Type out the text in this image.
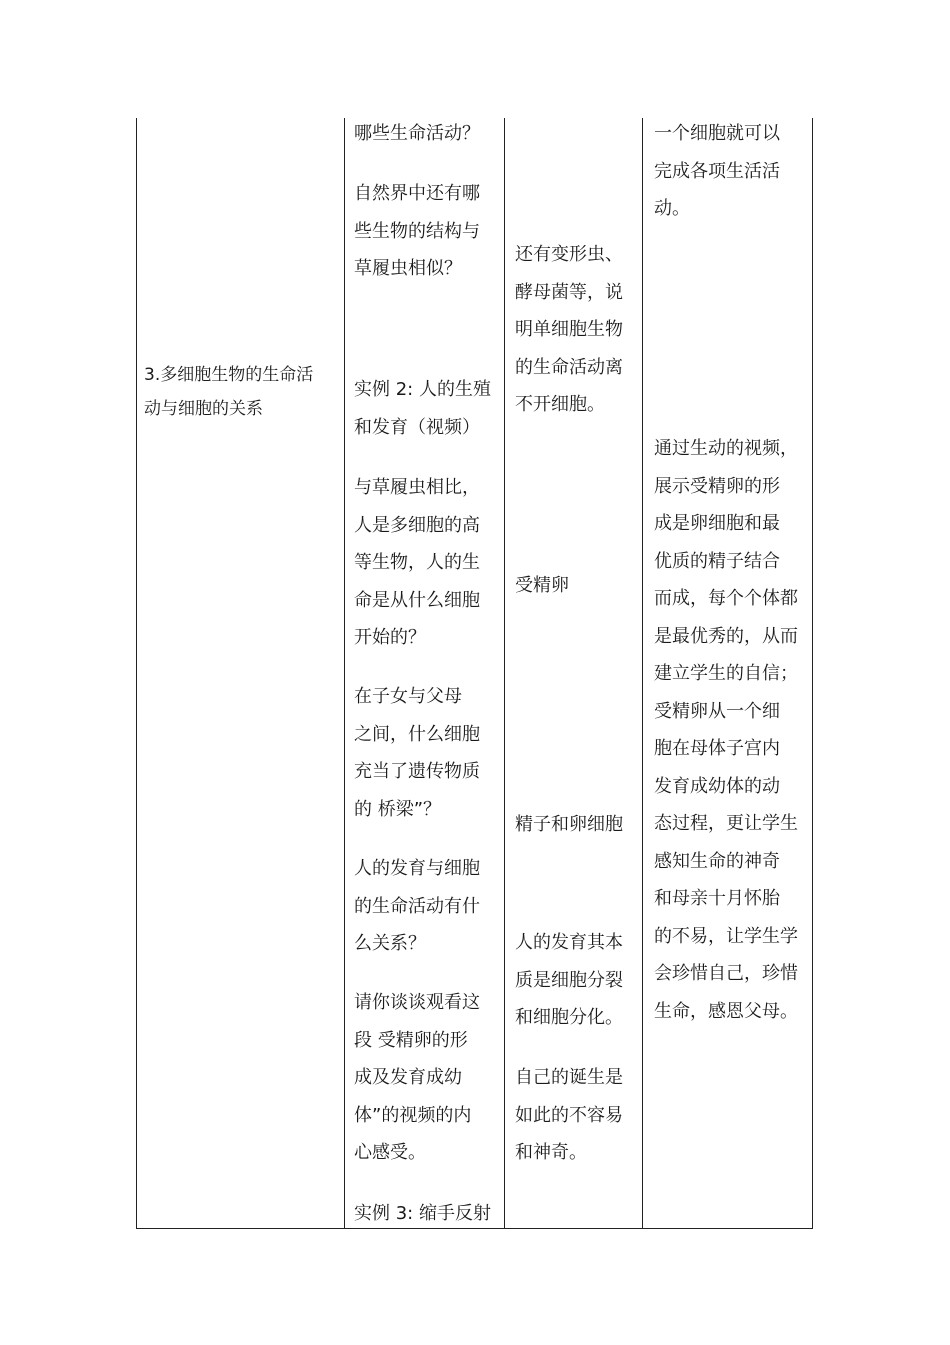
3.多细胞生物的生命活

动与细胞的关系

哪些生命活动？

自然界中还有哪

些生物的结构与

草履虫相似？

实例 2: 人的生殖

和发育（视频）

与草履虫相比，

人是多细胞的高

等生物，人的生

命是从什么细胞

开始的？

在子女与父母

之间，什么细胞

充当了遗传物质

的 桥梁”？

人的发育与细胞

的生命活动有什

么关系？

请你谈谈观看这

段 受精卵的形

成及发育成幼

体”的视频的内

心感受。

实例 3: 缩手反射

还有变形虫、

酵母菌等，说

明单细胞生物

的生命活动离

不开细胞。

受精卵

精子和卵细胞

人的发育其本

质是细胞分裂

和细胞分化。

自己的诞生是

如此的不容易

和神奇。

一个细胞就可以

完成各项生活活

动。

通过生动的视频，

展示受精卵的形

成是卵细胞和最

优质的精子结合

而成，每个个体都

是最优秀的，从而

建立学生的自信；

受精卵从一个细

胞在母体子宫内

发育成幼体的动

态过程，更让学生

感知生命的神奇

和母亲十月怀胎

的不易，让学生学

会珍惜自己，珍惜

生命，感恩父母。
